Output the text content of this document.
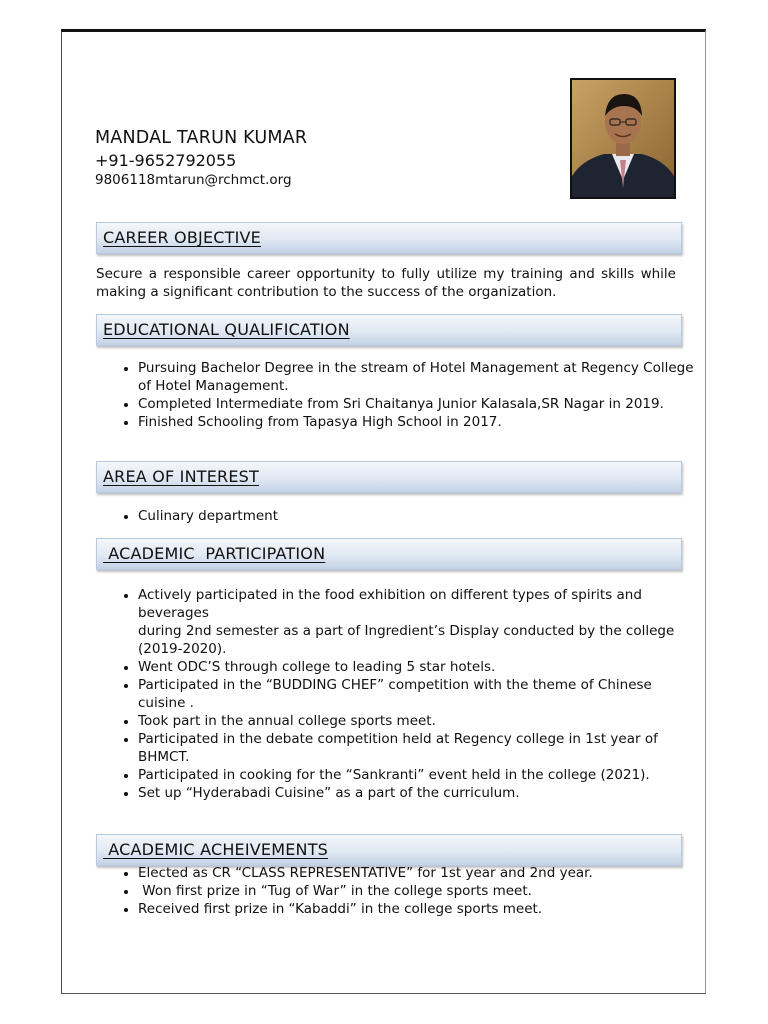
MANDAL TARUN KUMAR
+91-9652792055
9806118mtarun@rchmct.org
CAREER OBJECTIVE
Secure a responsible career opportunity to fully utilize my training and skills while making a significant contribution to the success of the organization.
EDUCATIONAL QUALIFICATION
• Pursuing Bachelor Degree in the stream of Hotel Management at Regency College of Hotel Management.
• Completed Intermediate from Sri Chaitanya Junior Kalasala,SR Nagar in 2019.
• Finished Schooling from Tapasya High School in 2017.
AREA OF INTEREST
• Culinary department
ACADEMIC  PARTICIPATION
• Actively participated in the food exhibition on different types of spirits and beverages
during 2nd semester as a part of Ingredient’s Display conducted by the college (2019-2020).
• Went ODC’S through college to leading 5 star hotels.
• Participated in the “BUDDING CHEF” competition with the theme of Chinese cuisine .
• Took part in the annual college sports meet.
• Participated in the debate competition held at Regency college in 1st year of BHMCT.
• Participated in cooking for the “Sankranti” event held in the college (2021).
• Set up “Hyderabadi Cuisine” as a part of the curriculum.
ACADEMIC ACHEIVEMENTS
• Elected as CR “CLASS REPRESENTATIVE” for 1st year and 2nd year.
•  Won first prize in “Tug of War” in the college sports meet.
• Received first prize in “Kabaddi” in the college sports meet.
